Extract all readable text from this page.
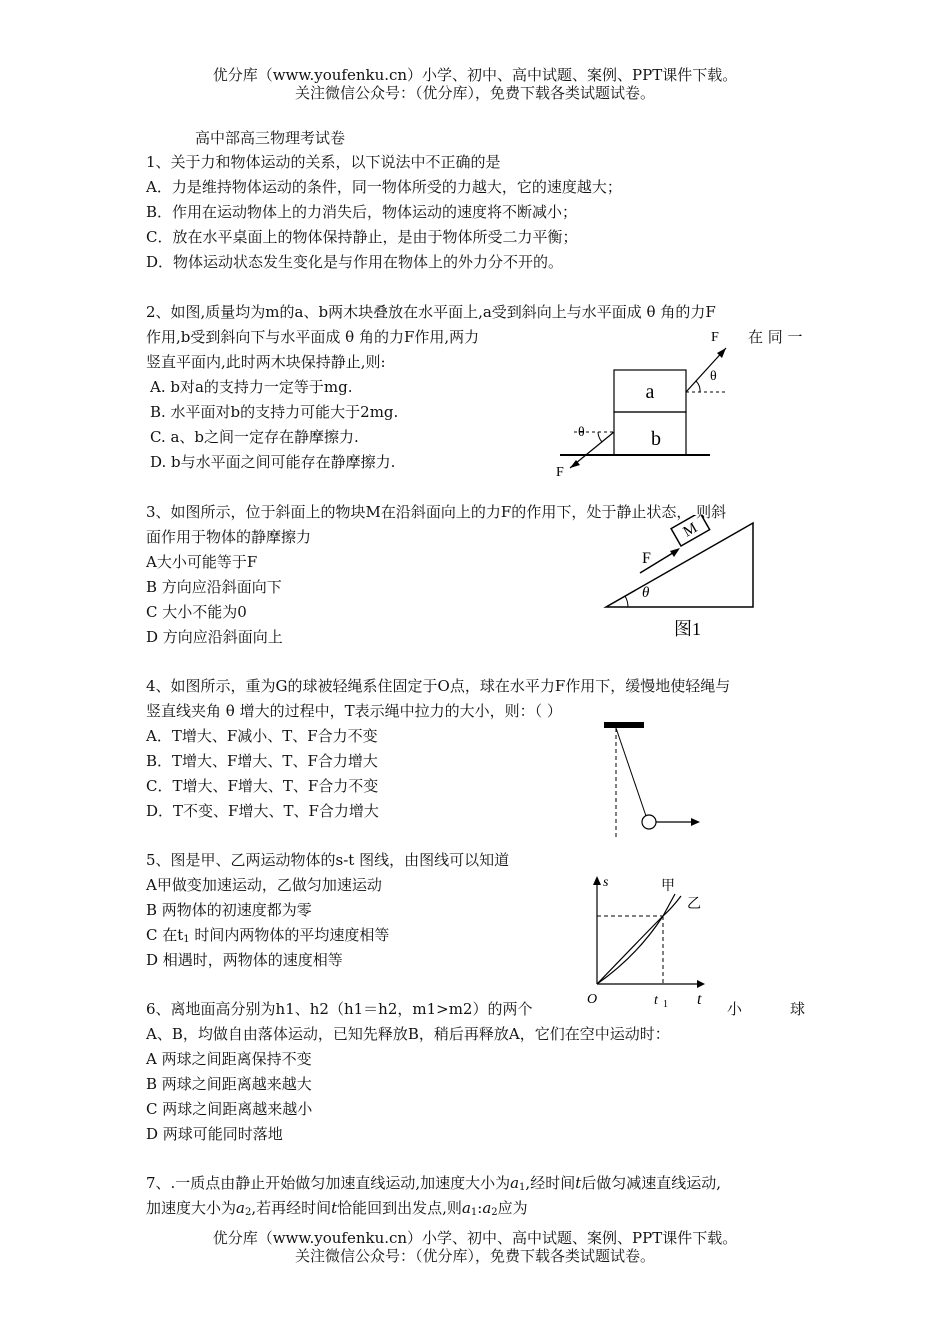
优分库（www.youfenku.cn）小学、初中、高中试题、案例、PPT课件下载。
关注微信公众号：（优分库），免费下载各类试题试卷。
高中部高三物理考试卷
1、关于力和物体运动的关系，以下说法中不正确的是
A．力是维持物体运动的条件，同一物体所受的力越大，它的速度越大；
B．作用在运动物体上的力消失后，物体运动的速度将不断减小；
C．放在水平桌面上的物体保持静止，是由于物体所受二力平衡；
D．物体运动状态发生变化是与作用在物体上的外力分不开的。
2、如图,质量均为m的a、b两木块叠放在水平面上,a受到斜向上与水平面成 θ 角的力F
作用,b受到斜向下与水平面成 θ 角的力F作用,两力	在 同 一
竖直平面内,此时两木块保持静止,则:
A. b对a的支持力一定等于mg.
B. 水平面对b的支持力可能大于2mg.
C. a、b之间一定存在静摩擦力.
D. b与水平面之间可能存在静摩擦力.
a
b
F
θ
θ
F
3、如图所示，位于斜面上的物块M在沿斜面向上的力F的作用下，处于静止状态， 则斜
面作用于物体的静摩擦力
A大小可能等于F
B 方向应沿斜面向下
C 大小不能为0
D 方向应沿斜面向上
M
F
θ
图1
4、如图所示，重为G的球被轻绳系住固定于O点，球在水平力F作用下，缓慢地使轻绳与
竖直线夹角 θ 增大的过程中，T表示绳中拉力的大小，则：（ ）
A．T增大、F减小、T、F合力不变
B．T增大、F增大、T、F合力增大
C．T增大、F增大、T、F合力不变
D．T不变、F增大、T、F合力增大
5、图是甲、乙两运动物体的s-t 图线，由图线可以知道
A甲做变加速运动，乙做匀加速运动
B 两物体的初速度都为零
C 在$t_1$ 时间内两物体的平均速度相等
D 相遇时，两物体的速度相等
s
O	t
t 1
甲
乙
6、离地面高分别为h1、h2（h1＝h2，m1>m2）的两个	小	球
A、B，均做自由落体运动，已知先释放B，稍后再释放A，它们在空中运动时：
A 两球之间距离保持不变
B 两球之间距离越来越大
C 两球之间距离越来越小
D 两球可能同时落地
7、.一质点由静止开始做匀加速直线运动,加速度大小为$a_1$,经时间t后做匀减速直线运动,
加速度大小为$a_2$,若再经时间t恰能回到出发点,则$a_1:a_2$应为
优分库（www.youfenku.cn）小学、初中、高中试题、案例、PPT课件下载。
关注微信公众号：（优分库），免费下载各类试题试卷。
